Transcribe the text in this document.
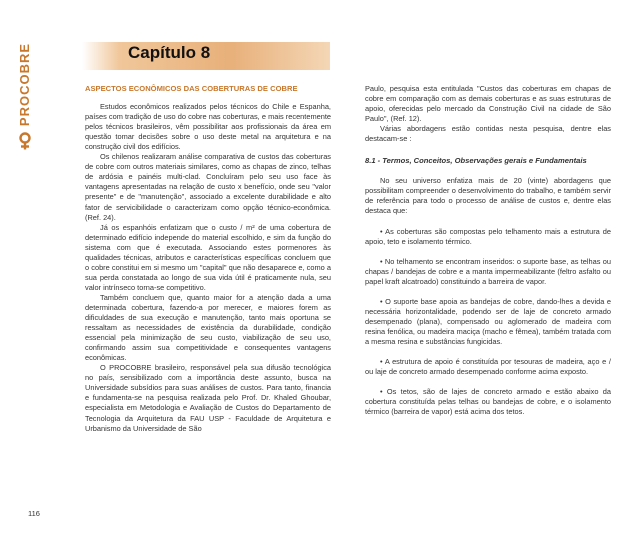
PROCOBRE	Capítulo 8

ASPECTOS ECONÔMICOS DAS COBERTURAS DE COBRE

Estudos econômicos realizados pelos técnicos do Chile e Espanha, países com tradição de uso do cobre nas coberturas, e mais recentemente pelos técnicos brasileiros, vêm possibilitar aos profissionais da área em questão tomar decisões sobre o uso deste metal na arquitetura e na construção civil dos edifícios.

Os chilenos realizaram análise comparativa de custos das coberturas de cobre com outros materiais similares, como as chapas de zinco, telhas de ardósia e painéis multi-clad. Concluíram pelo seu uso face às vantagens apresentadas na relação de custo x benefício, onde seu "valor presente" e de "manutenção", associado a excelente durabilidade e alto fator de servicibilidade o caracterizam como opção técnico-econômica.(Ref. 24).

Já os espanhóis enfatizam que o custo / m² de uma cobertura de determinado edifício independe do material escolhido, e sim da função do sistema com que é executada. Associando estes pormenores às qualidades técnicas, atributos e características específicas concluem que o cobre constitui em si mesmo um "capital" que não desaparece e, como a sua perda constatada ao longo de sua vida útil é praticamente nula, seu valor intrínseco torna-se competitivo.

Também concluem que, quanto maior for a atenção dada a uma determinada cobertura, fazendo-a por merecer, e maiores forem as dificuldades de sua execução e manutenção, tanto mais oportuna se ressaltam as necessidades de existência da durabilidade, condição essencial pela minimização de seu custo, viabilização de seu uso, confirmando assim sua competitividade e consequentes vantagens econômicas.

O PROCOBRE brasileiro, responsável pela sua difusão tecnológica no país, sensibilizado com a importância deste assunto, busca na Universidade subsídios para suas análises de custos. Para tanto, financia e fundamenta-se na pesquisa realizada pelo Prof. Dr. Khaled Ghoubar, especialista em Metodologia e Avaliação de Custos do Departamento de Tecnologia da Arquitetura da FAU USP - Faculdade de Arquitetura e Urbanismo da Universidade de São

Paulo, pesquisa esta entitulada "Custos das coberturas em chapas de cobre em comparação com as demais coberturas e as suas estruturas de apoio, oferecidas pelo mercado da Construção Civil na cidade de São Paulo", (Ref. 12).

Várias abordagens estão contidas nesta pesquisa, dentre elas destacam-se :

8.1 - Termos, Conceitos, Observações gerais e Fundamentais

No seu universo enfatiza mais de 20 (vinte) abordagens que possibilitam compreender o desenvolvimento do trabalho, e também servir de referência para todo o processo de análise de custos e, dentre elas destaca que:

• As coberturas são compostas pelo telhamento mais a estrutura de apoio, teto e isolamento térmico.

• No telhamento se encontram inseridos: o suporte base, as telhas ou chapas / bandejas de cobre e a manta impermeabilizante (feltro asfalto ou papel kraft alcatroado) constituindo a barreira de vapor.

• O suporte base apoia as bandejas de cobre, dando-lhes a devida e necessária horizontalidade, podendo ser de laje de concreto armado desempenado (plana), compensado ou aglomerado de madeira com resina fenólica, ou madeira maciça (macho e fêmea), também tratada com a mesma resina e substâncias fungicidas.

• A estrutura de apoio é constituída por tesouras de madeira, aço e / ou laje de concreto armado desempenado conforme acima exposto.

• Os tetos, são de lajes de concreto armado e estão abaixo da cobertura constituída pelas telhas ou bandejas de cobre, e o isolamento térmico (barreira de vapor) está acima dos tetos.

116
